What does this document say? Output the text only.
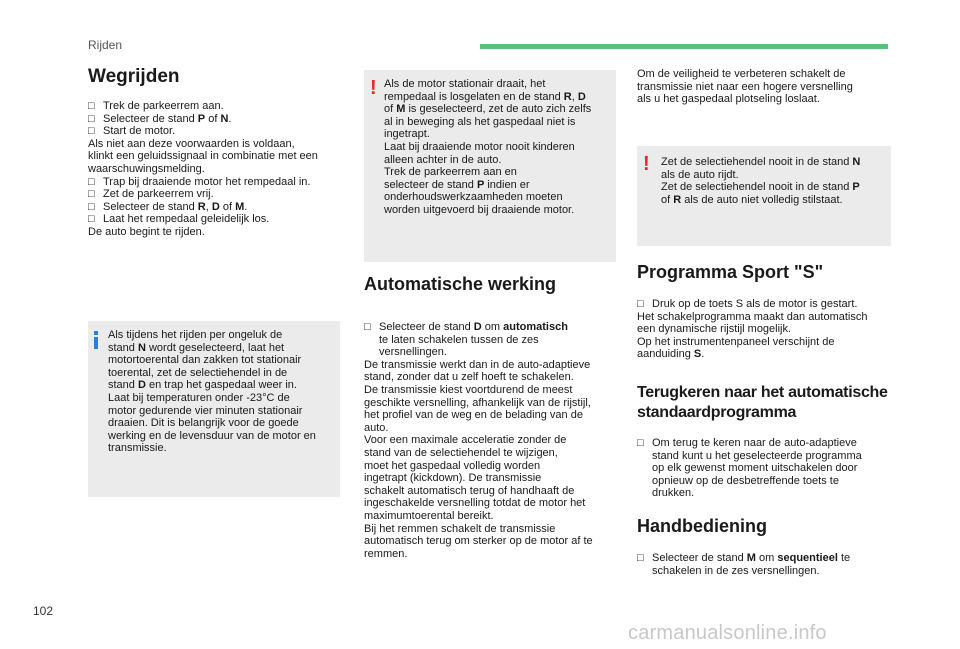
Rijden
Wegrijden
□ Trek de parkeerrem aan.
□ Selecteer de stand P of N.
□ Start de motor.
Als niet aan deze voorwaarden is voldaan,
klinkt een geluidssignaal in combinatie met een
waarschuwingsmelding.
□ Trap bij draaiende motor het rempedaal in.
□ Zet de parkeerrem vrij.
□ Selecteer de stand R, D of M.
□ Laat het rempedaal geleidelijk los.
De auto begint te rijden.
Als tijdens het rijden per ongeluk de
stand N wordt geselecteerd, laat het
motortoerental dan zakken tot stationair
toerental, zet de selectiehendel in de
stand D en trap het gaspedaal weer in.
Laat bij temperaturen onder -23°C de
motor gedurende vier minuten stationair
draaien. Dit is belangrijk voor de goede
werking en de levensduur van de motor en
transmissie.
! Als de motor stationair draait, het
rempedaal is losgelaten en de stand R, D
of M is geselecteerd, zet de auto zich zelfs
al in beweging als het gaspedaal niet is
ingetrapt.
Laat bij draaiende motor nooit kinderen
alleen achter in de auto.
Trek de parkeerrem aan en
selecteer de stand P indien er
onderhoudswerkzaamheden moeten
worden uitgevoerd bij draaiende motor.
Automatische werking
□ Selecteer de stand D om automatisch
te laten schakelen tussen de zes
versnellingen.
De transmissie werkt dan in de auto-adaptieve
stand, zonder dat u zelf hoeft te schakelen.
De transmissie kiest voortdurend de meest
geschikte versnelling, afhankelijk van de rijstijl,
het profiel van de weg en de belading van de
auto.
Voor een maximale acceleratie zonder de
stand van de selectiehendel te wijzigen,
moet het gaspedaal volledig worden
ingetrapt (kickdown). De transmissie
schakelt automatisch terug of handhaaft de
ingeschakelde versnelling totdat de motor het
maximumtoerental bereikt.
Bij het remmen schakelt de transmissie
automatisch terug om sterker op de motor af te
remmen.
Om de veiligheid te verbeteren schakelt de
transmissie niet naar een hogere versnelling
als u het gaspedaal plotseling loslaat.
! Zet de selectiehendel nooit in de stand N
als de auto rijdt.
Zet de selectiehendel nooit in de stand P
of R als de auto niet volledig stilstaat.
Programma Sport "S"
□ Druk op de toets S als de motor is gestart.
Het schakelprogramma maakt dan automatisch
een dynamische rijstijl mogelijk.
Op het instrumentenpaneel verschijnt de
aanduiding S.
Terugkeren naar het automatische
standaardprogramma
□ Om terug te keren naar de auto-adaptieve
stand kunt u het geselecteerde programma
op elk gewenst moment uitschakelen door
opnieuw op de desbetreffende toets te
drukken.
Handbediening
□ Selecteer de stand M om sequentieel te
schakelen in de zes versnellingen.
102
carmanualsonline.info
